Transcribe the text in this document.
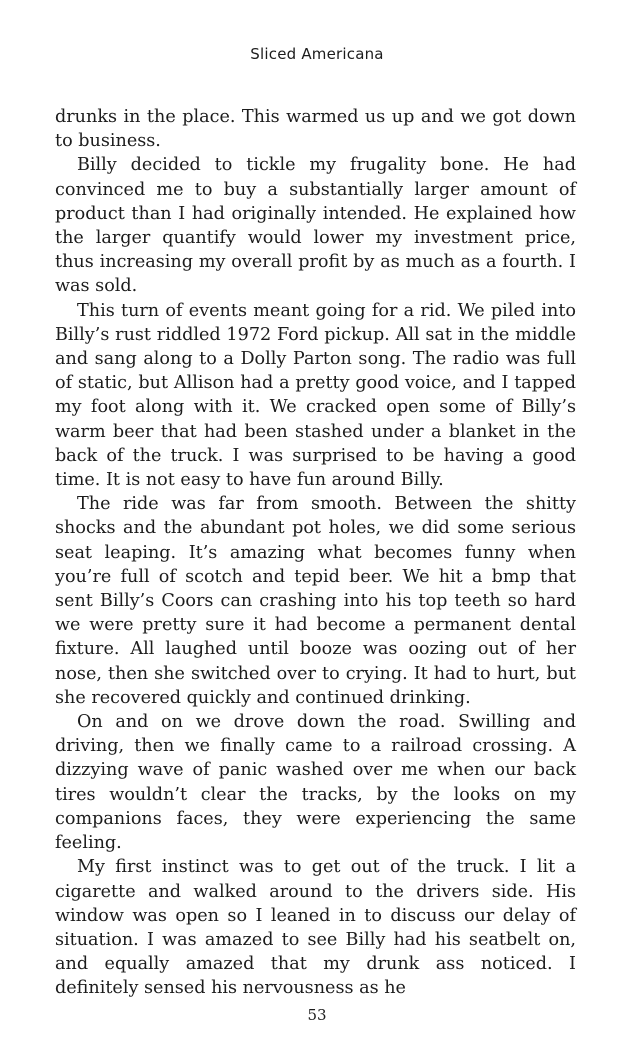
Sliced Americana

drunks in the place. This warmed us up and we got down to business.

Billy decided to tickle my frugality bone. He had convinced me to buy a substantially larger amount of product than I had originally intended. He explained how the larger quantify would lower my investment price, thus increasing my overall profit by as much as a fourth. I was sold.

This turn of events meant going for a rid. We piled into Billy’s rust riddled 1972 Ford pickup. All sat in the middle and sang along to a Dolly Parton song. The radio was full of static, but Allison had a pretty good voice, and I tapped my foot along with it. We cracked open some of Billy’s warm beer that had been stashed under a blanket in the back of the truck. I was surprised to be having a good time. It is not easy to have fun around Billy.

The ride was far from smooth. Between the shitty shocks and the abundant pot holes, we did some serious seat leaping. It’s amazing what becomes funny when you’re full of scotch and tepid beer. We hit a bmp that sent Billy’s Coors can crashing into his top teeth so hard we were pretty sure it had become a permanent dental fixture. All laughed until booze was oozing out of her nose, then she switched over to crying. It had to hurt, but she recovered quickly and continued drinking.

On and on we drove down the road. Swilling and driving, then we finally came to a railroad crossing. A dizzying wave of panic washed over me when our back tires wouldn’t clear the tracks, by the looks on my companions faces, they were experiencing the same feeling.

My first instinct was to get out of the truck. I lit a cigarette and walked around to the drivers side. His window was open so I leaned in to discuss our delay of situation. I was amazed to see Billy had his seatbelt on, and equally amazed that my drunk ass noticed. I definitely sensed his nervousness as he

53
